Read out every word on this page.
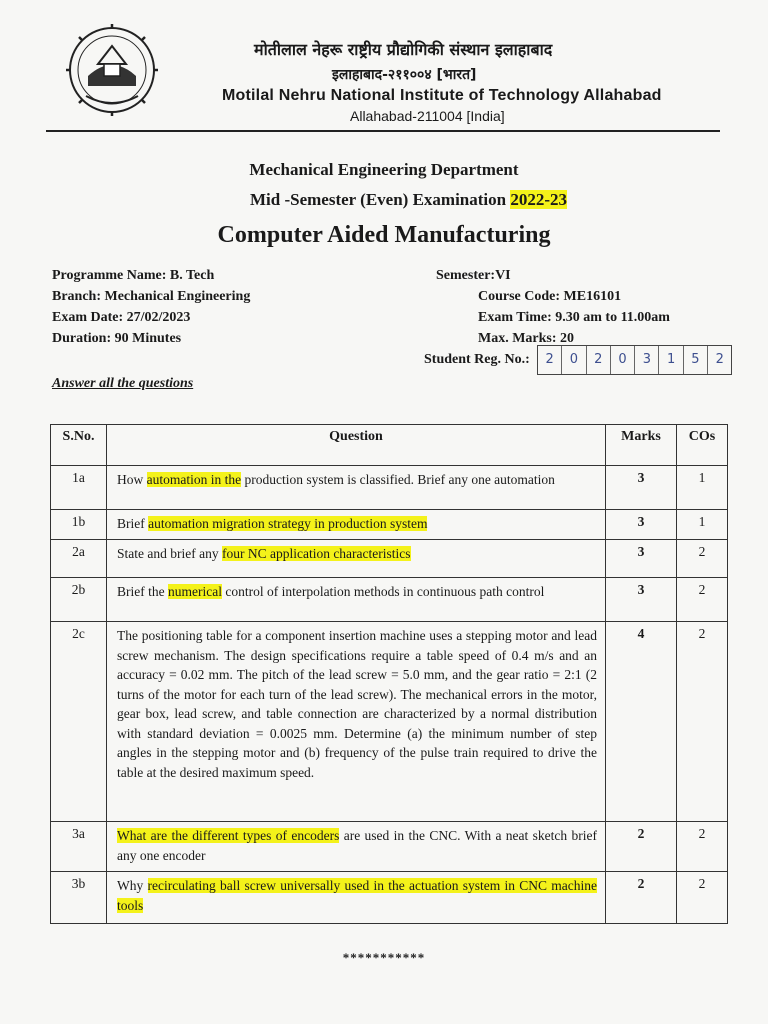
मोतीलाल नेहरू राष्ट्रीय प्रौद्योगिकी संस्थान इलाहाबाद
इलाहाबाद-२११००४ [भारत]
Motilal Nehru National Institute of Technology Allahabad
Allahabad-211004 [India]
Mechanical Engineering Department
Mid -Semester (Even) Examination 2022-23
Computer Aided Manufacturing
Programme Name: B. Tech
Branch: Mechanical Engineering
Exam Date: 27/02/2023
Duration: 90 Minutes
Semester:VI
Course Code: ME16101
Exam Time: 9.30 am to 11.00am
Max. Marks: 20
Student Reg. No.:	2	0	2	0	3	1	5	2
Answer all the questions
S.No.	Question	Marks	COs
1a	How automation in the production system is classified. Brief any one automation	3	1
1b	Brief automation migration strategy in production system	3	1
2a	State and brief any four NC application characteristics	3	2
2b	Brief the numerical control of interpolation methods in continuous path control	3	2
2c	The positioning table for a component insertion machine uses a stepping motor and lead screw mechanism. The design specifications require a table speed of 0.4 m/s and an accuracy = 0.02 mm. The pitch of the lead screw = 5.0 mm, and the gear ratio = 2:1 (2 turns of the motor for each turn of the lead screw). The mechanical errors in the motor, gear box, lead screw, and table connection are characterized by a normal distribution with standard deviation = 0.0025 mm. Determine (a) the minimum number of step angles in the stepping motor and (b) frequency of the pulse train required to drive the table at the desired maximum speed.	4	2
3a	What are the different types of encoders are used in the CNC. With a neat sketch brief any one encoder	2	2
3b	Why recirculating ball screw universally used in the actuation system in CNC machine tools	2	2
***********
